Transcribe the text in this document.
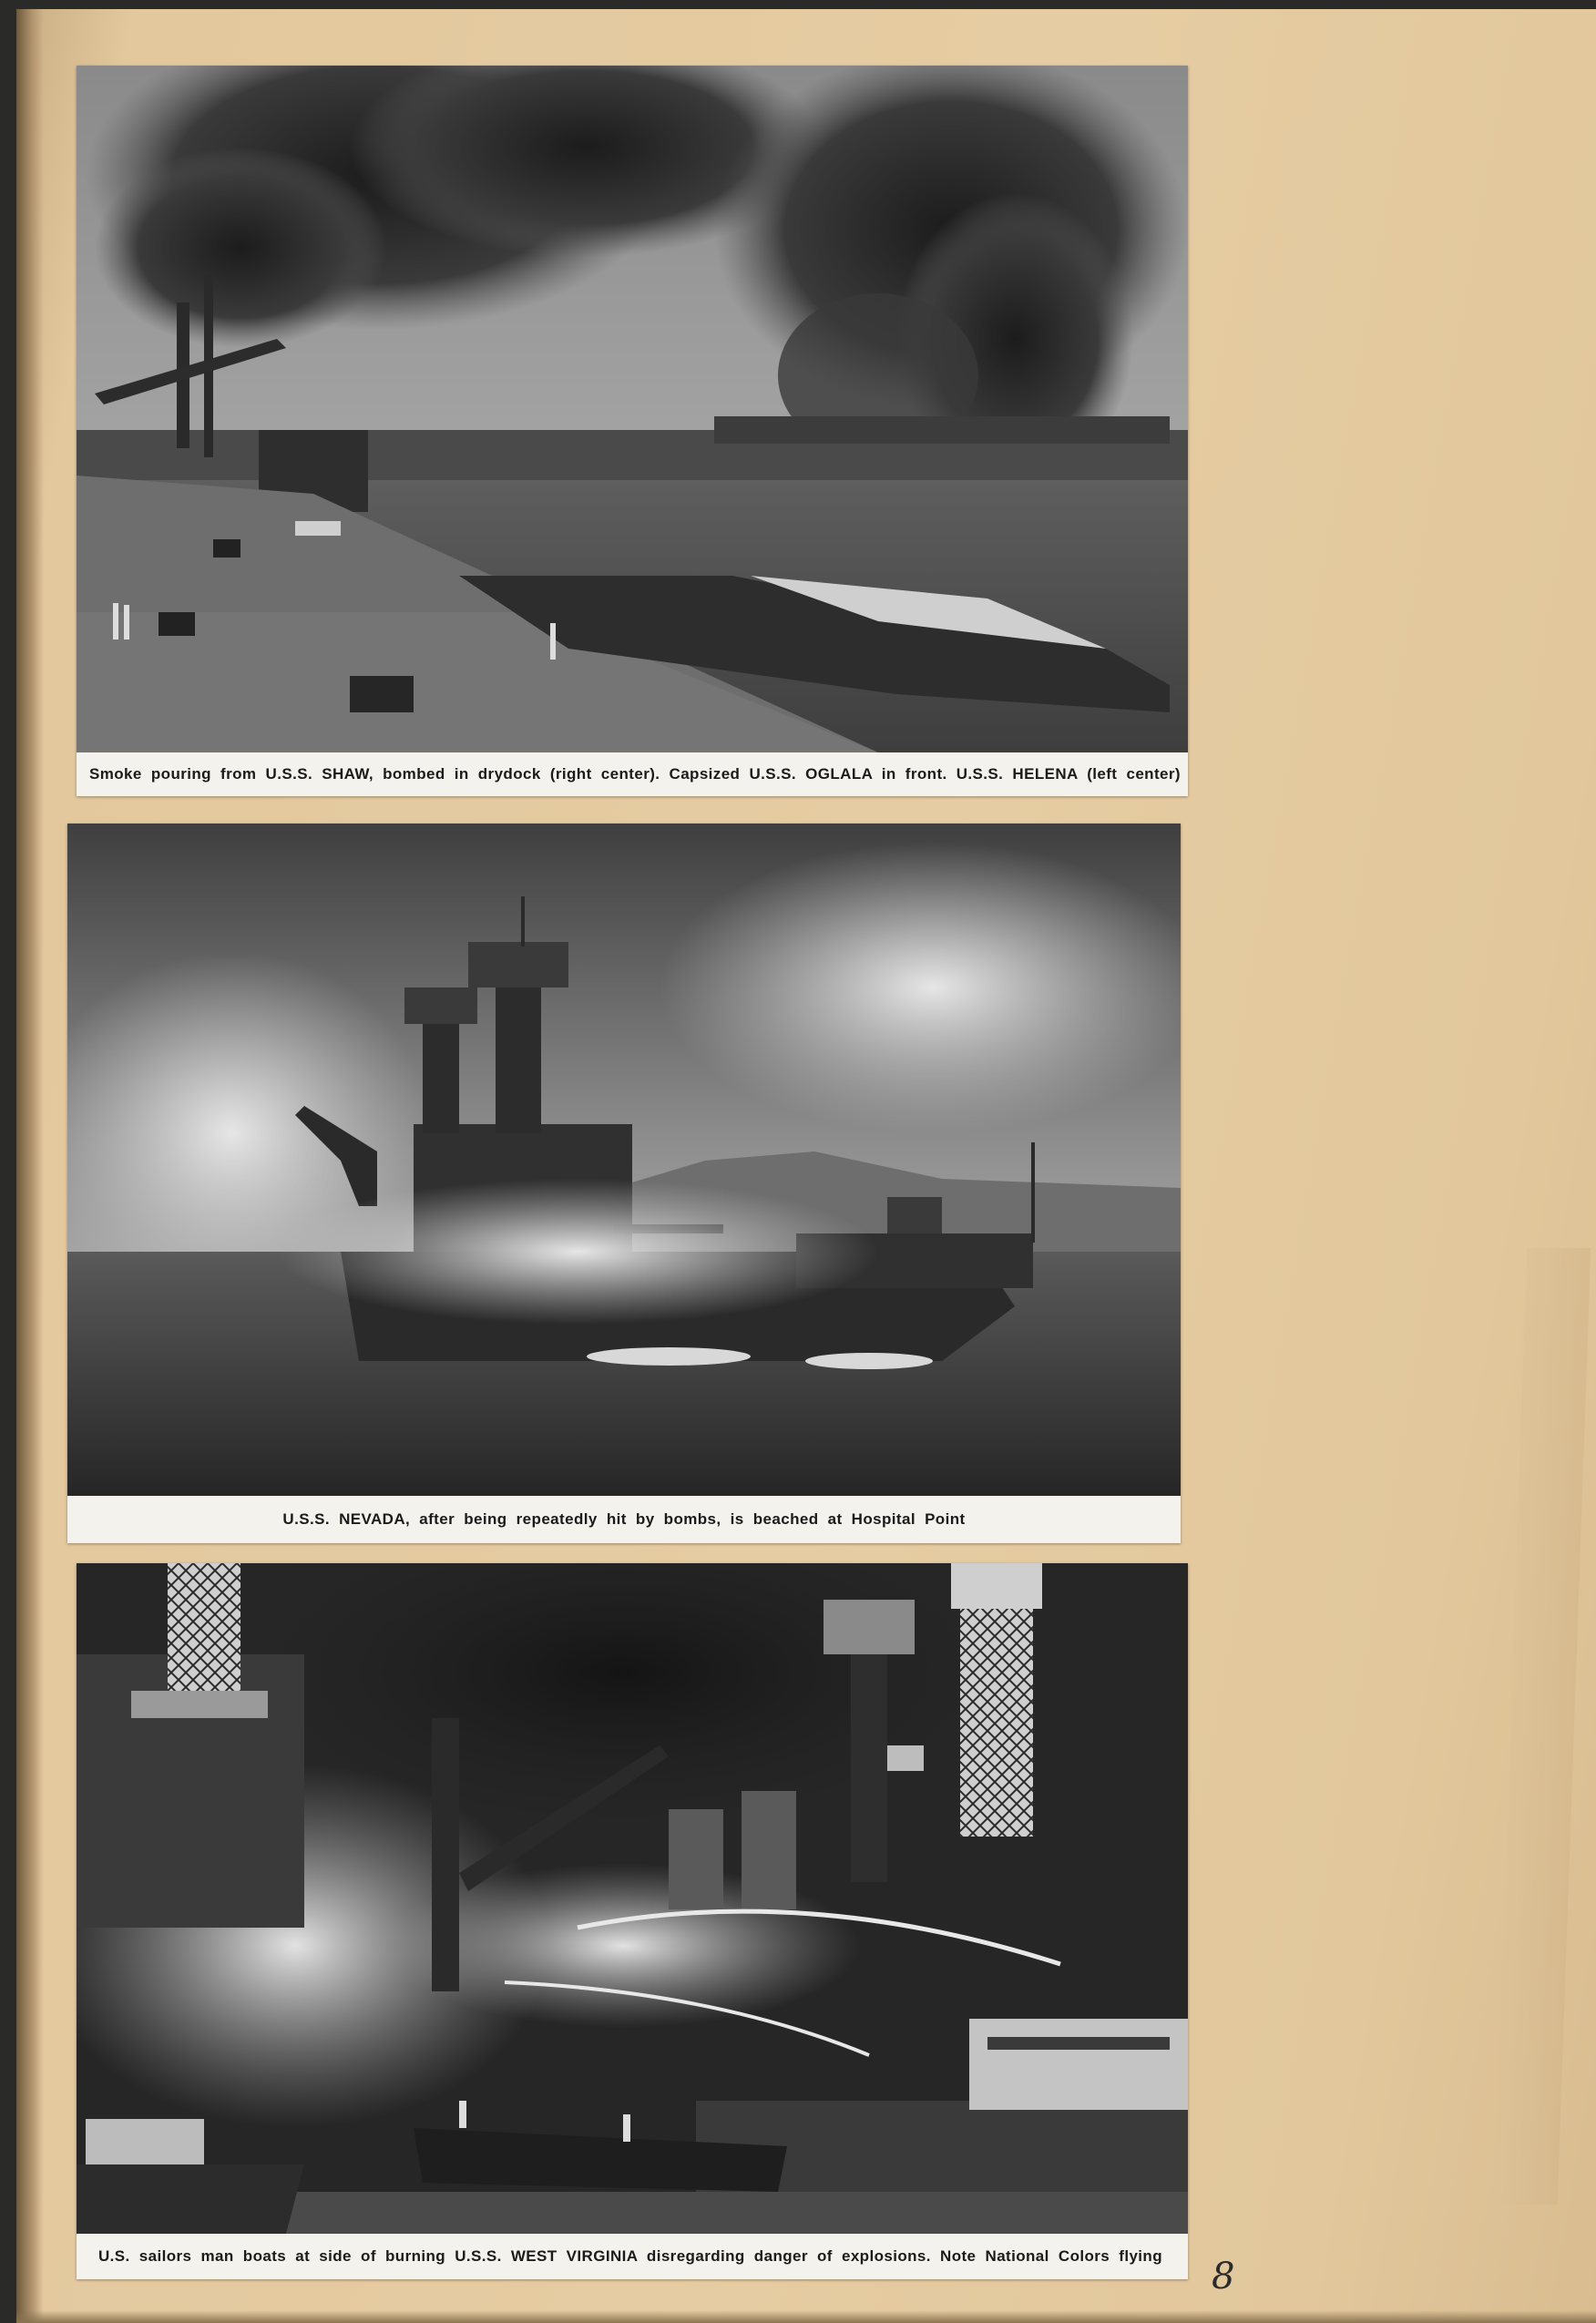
Smoke pouring from U.S.S. SHAW, bombed in drydock (right center). Capsized U.S.S. OGLALA in front. U.S.S. HELENA (left center)
U.S.S. NEVADA, after being repeatedly hit by bombs, is beached at Hospital Point
U.S. sailors man boats at side of burning U.S.S. WEST VIRGINIA disregarding danger of explosions. Note National Colors flying	8
